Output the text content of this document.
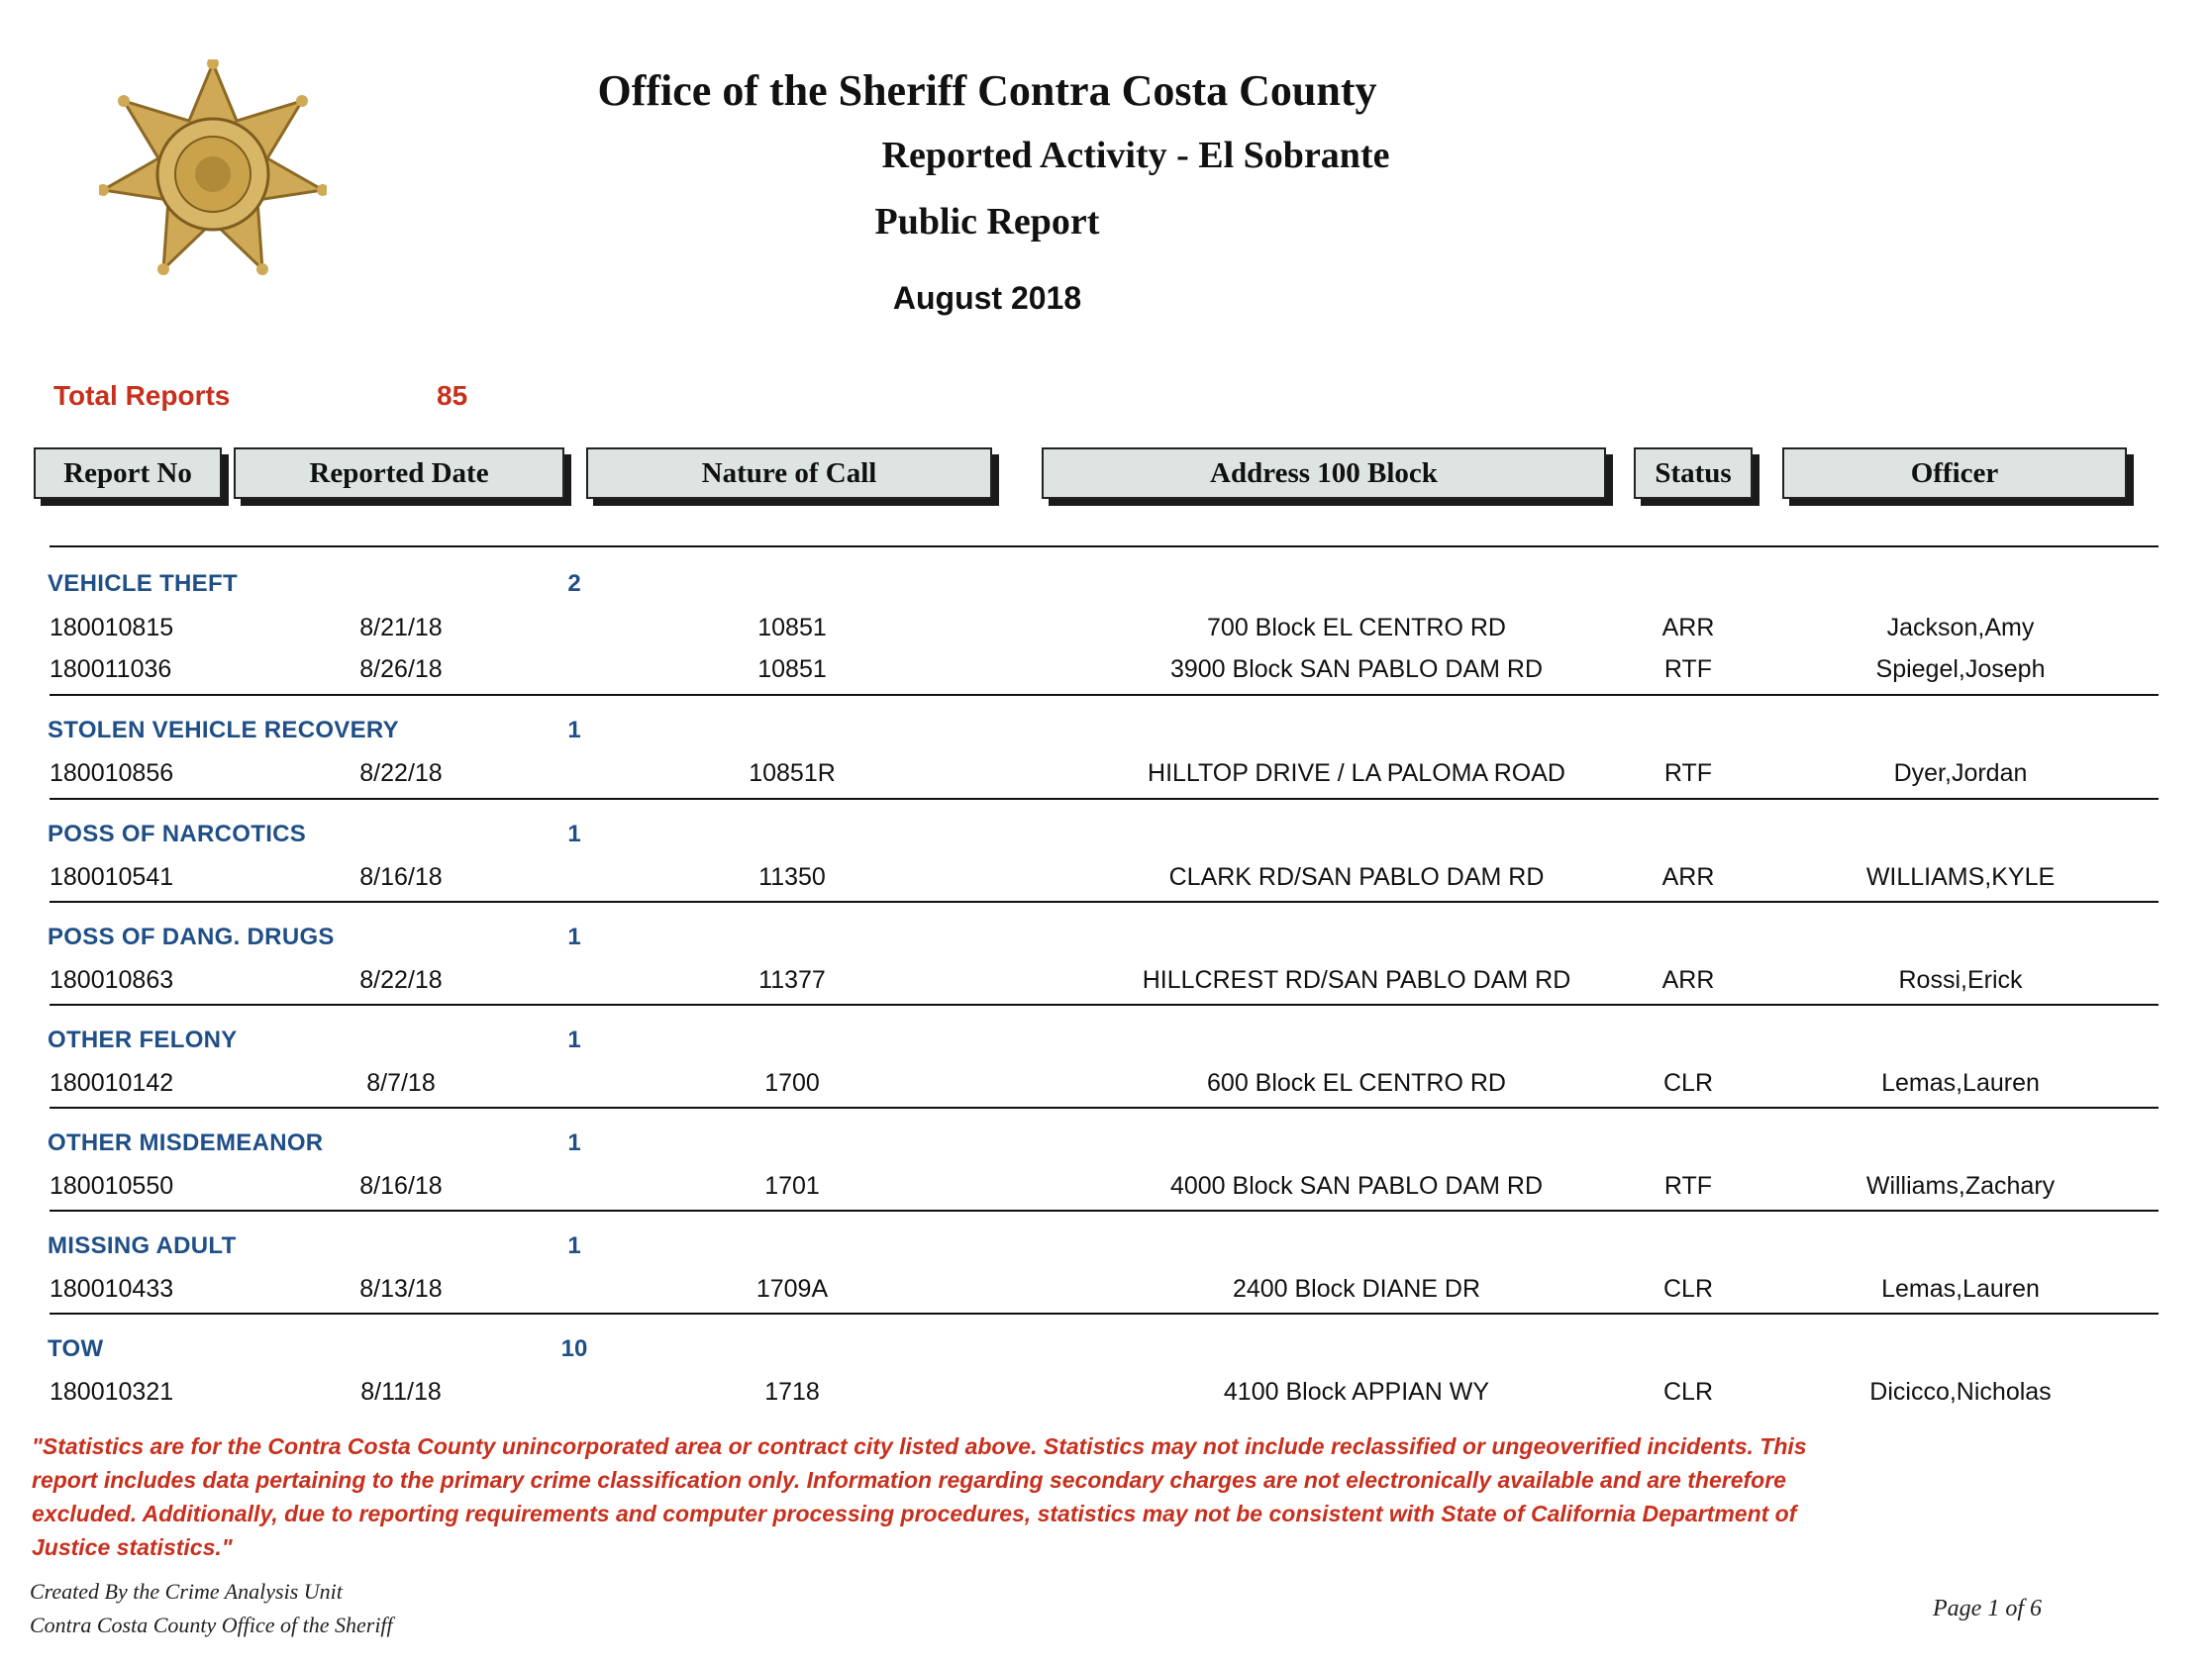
Office of the Sheriff Contra Costa County
Reported Activity - El Sobrante
Public Report
August 2018
Total Reports	85
Report No	Reported Date	Nature of Call	Address 100 Block	Status	Officer
VEHICLE THEFT	2
180010815	8/21/18	10851	700 Block EL CENTRO RD	ARR	Jackson,Amy
180011036	8/26/18	10851	3900 Block SAN PABLO DAM RD	RTF	Spiegel,Joseph
STOLEN VEHICLE RECOVERY	1
180010856	8/22/18	10851R	HILLTOP DRIVE / LA PALOMA ROAD	RTF	Dyer,Jordan
POSS OF NARCOTICS	1
180010541	8/16/18	11350	CLARK RD/SAN PABLO DAM RD	ARR	WILLIAMS,KYLE
POSS OF DANG. DRUGS	1
180010863	8/22/18	11377	HILLCREST RD/SAN PABLO DAM RD	ARR	Rossi,Erick
OTHER FELONY	1
180010142	8/7/18	1700	600 Block EL CENTRO RD	CLR	Lemas,Lauren
OTHER MISDEMEANOR	1
180010550	8/16/18	1701	4000 Block SAN PABLO DAM RD	RTF	Williams,Zachary
MISSING ADULT	1
180010433	8/13/18	1709A	2400 Block DIANE DR	CLR	Lemas,Lauren
TOW	10
180010321	8/11/18	1718	4100 Block APPIAN WY	CLR	Dicicco,Nicholas
"Statistics are for the Contra Costa County unincorporated area or contract city listed above. Statistics may not include reclassified or ungeoverified incidents. This report includes data pertaining to the primary crime classification only. Information regarding secondary charges are not electronically available and are therefore excluded. Additionally, due to reporting requirements and computer processing procedures, statistics may not be consistent with State of California Department of Justice statistics."
Created By the Crime Analysis Unit
Contra Costa County Office of the Sheriff
Page 1 of 6
